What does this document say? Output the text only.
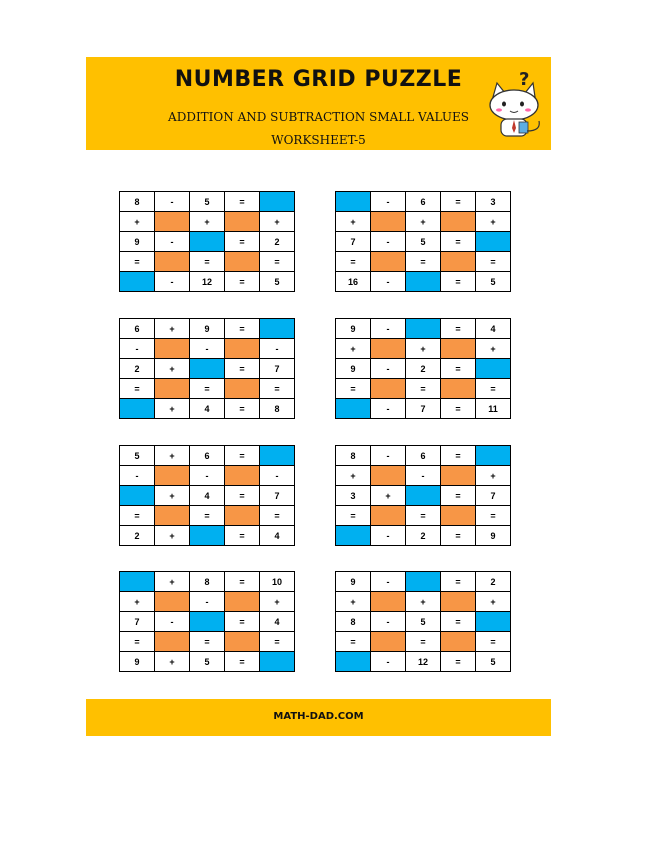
NUMBER GRID PUZZLE
ADDITION AND SUBTRACTION SMALL VALUES
WORKSHEET-5
?
8	-	5	=	
+		+		+
9	-		=	2
=		=		=
	-	12	=	5
	-	6	=	3
+		+		+
7	-	5	=	
=		=		=
16	-		=	5
6	+	9	=	
-		-		-
2	+		=	7
=		=		=
	+	4	=	8
9	-		=	4
+		+		+
9	-	2	=	
=		=		=
	-	7	=	11
5	+	6	=	
-		-		-
	+	4	=	7
=		=		=
2	+		=	4
8	-	6	=	
+		-		+
3	+		=	7
=		=		=
	-	2	=	9
	+	8	=	10
+		-		+
7	-		=	4
=		=		=
9	+	5	=	
9	-		=	2
+		+		+
8	-	5	=	
=		=		=
	-	12	=	5
MATH-DAD.COM
